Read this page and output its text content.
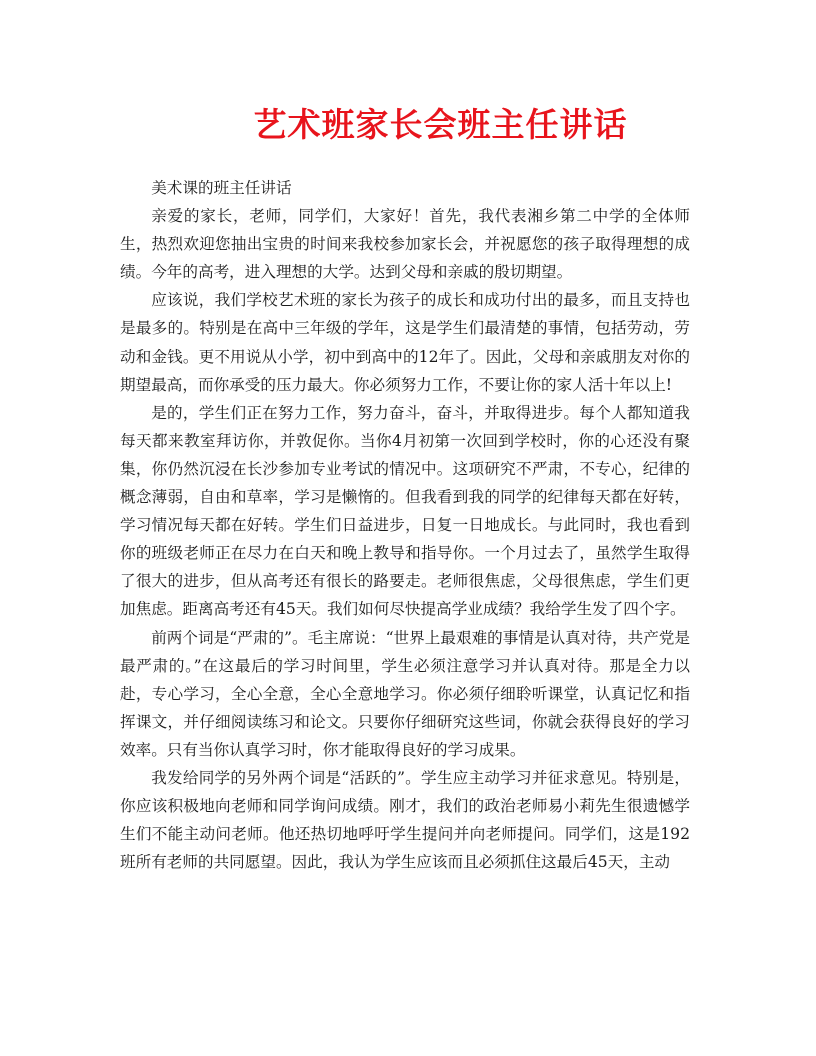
艺术班家长会班主任讲话

美术课的班主任讲话

亲爱的家长，老师，同学们，大家好！首先，我代表湘乡第二中学的全体师生，热烈欢迎您抽出宝贵的时间来我校参加家长会，并祝愿您的孩子取得理想的成绩。今年的高考，进入理想的大学。达到父母和亲戚的殷切期望。

应该说，我们学校艺术班的家长为孩子的成长和成功付出的最多，而且支持也是最多的。特别是在高中三年级的学年，这是学生们最清楚的事情，包括劳动，劳动和金钱。更不用说从小学，初中到高中的12年了。因此，父母和亲戚朋友对你的期望最高，而你承受的压力最大。你必须努力工作，不要让你的家人活十年以上!

是的，学生们正在努力工作，努力奋斗，奋斗，并取得进步。每个人都知道我每天都来教室拜访你，并敦促你。当你4月初第一次回到学校时，你的心还没有聚集，你仍然沉浸在长沙参加专业考试的情况中。这项研究不严肃，不专心，纪律的概念薄弱，自由和草率，学习是懒惰的。但我看到我的同学的纪律每天都在好转，学习情况每天都在好转。学生们日益进步，日复一日地成长。与此同时，我也看到你的班级老师正在尽力在白天和晚上教导和指导你。一个月过去了，虽然学生取得了很大的进步，但从高考还有很长的路要走。老师很焦虑，父母很焦虑，学生们更加焦虑。距离高考还有45天。我们如何尽快提高学业成绩？我给学生发了四个字。

前两个词是“严肃的”。毛主席说：“世界上最艰难的事情是认真对待，共产党是最严肃的。”在这最后的学习时间里，学生必须注意学习并认真对待。那是全力以赴，专心学习，全心全意，全心全意地学习。你必须仔细聆听课堂，认真记忆和指挥课文，并仔细阅读练习和论文。只要你仔细研究这些词，你就会获得良好的学习效率。只有当你认真学习时，你才能取得良好的学习成果。

我发给同学的另外两个词是“活跃的”。学生应主动学习并征求意见。特别是，你应该积极地向老师和同学询问成绩。刚才，我们的政治老师易小莉先生很遗憾学生们不能主动问老师。他还热切地呼吁学生提问并向老师提问。同学们，这是192班所有老师的共同愿望。因此，我认为学生应该而且必须抓住这最后45天，主动
